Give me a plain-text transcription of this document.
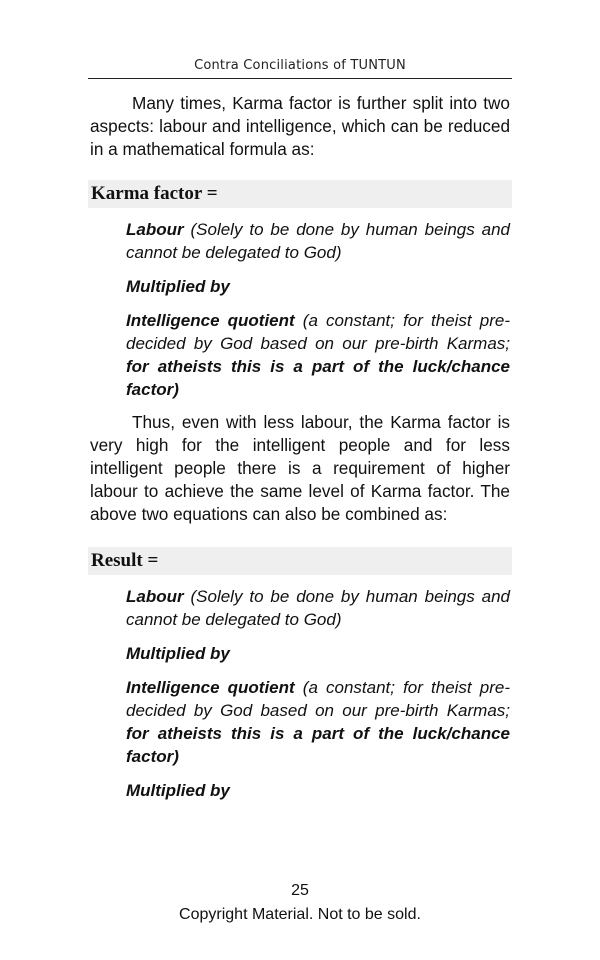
Contra Conciliations of TUNTUN

Many times, Karma factor is further split into two aspects: labour and intelligence, which can be reduced in a mathematical formula as:

Karma factor =

Labour (Solely to be done by human beings and cannot be delegated to God)

Multiplied by

Intelligence quotient (a constant; for theist pre-decided by God based on our pre-birth Karmas; for atheists this is a part of the luck/chance factor)

Thus, even with less labour, the Karma factor is very high for the intelligent people and for less intelligent people there is a requirement of higher labour to achieve the same level of Karma factor. The above two equations can also be combined as:

Result =

Labour (Solely to be done by human beings and cannot be delegated to God)

Multiplied by

Intelligence quotient (a constant; for theist pre-decided by God based on our pre-birth Karmas; for atheists this is a part of the luck/chance factor)

Multiplied by

25
Copyright Material. Not to be sold.
